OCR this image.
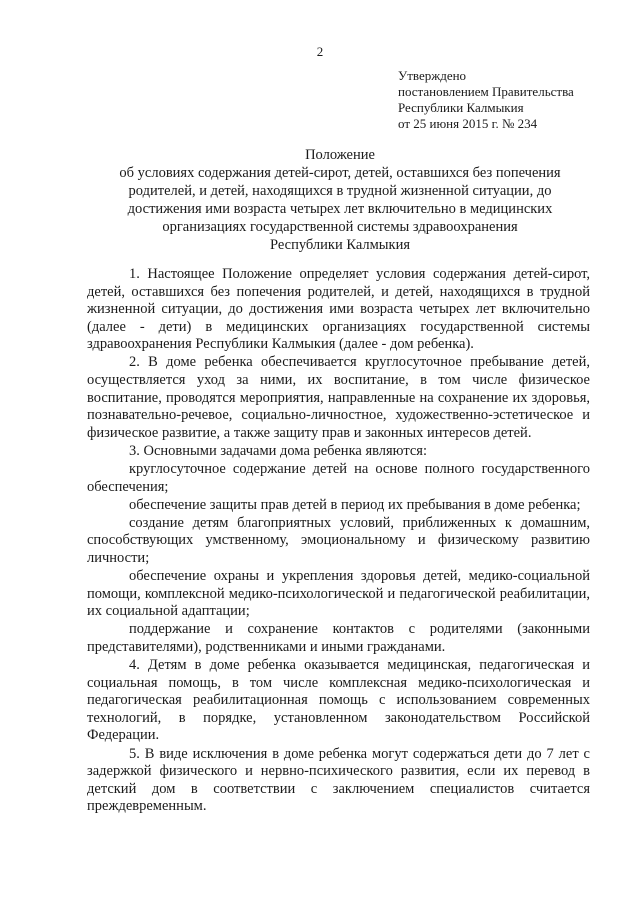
2
Утверждено
постановлением Правительства
Республики Калмыкия
от 25 июня 2015 г. № 234
Положение
об условиях содержания детей-сирот, детей, оставшихся без попечения
родителей, и детей, находящихся в трудной жизненной ситуации, до
достижения ими возраста четырех лет включительно в медицинских
организациях государственной системы здравоохранения
Республики Калмыкия

1. Настоящее Положение определяет условия содержания детей-сирот, детей, оставшихся без попечения родителей, и детей, находящихся в трудной жизненной ситуации, до достижения ими возраста четырех лет включительно (далее - дети) в медицинских организациях государственной системы здравоохранения Республики Калмыкия (далее - дом ребенка).

2. В доме ребенка обеспечивается круглосуточное пребывание детей, осуществляется уход за ними, их воспитание, в том числе физическое воспитание, проводятся мероприятия, направленные на сохранение их здоровья, познавательно-речевое, социально-личностное, художественно-эстетическое и физическое развитие, а также защиту прав и законных интересов детей.

3. Основными задачами дома ребенка являются:

круглосуточное содержание детей на основе полного государственного обеспечения;

обеспечение защиты прав детей в период их пребывания в доме ребенка;

создание детям благоприятных условий, приближенных к домашним, способствующих умственному, эмоциональному и физическому развитию личности;

обеспечение охраны и укрепления здоровья детей, медико-социальной помощи, комплексной медико-психологической и педагогической реабилитации, их социальной адаптации;

поддержание и сохранение контактов с родителями (законными представителями), родственниками и иными гражданами.

4. Детям в доме ребенка оказывается медицинская, педагогическая и социальная помощь, в том числе комплексная медико-психологическая и педагогическая реабилитационная помощь с использованием современных технологий, в порядке, установленном законодательством Российской Федерации.

5. В виде исключения в доме ребенка могут содержаться дети до 7 лет с задержкой физического и нервно-психического развития, если их перевод в детский дом в соответствии с заключением специалистов считается преждевременным.
